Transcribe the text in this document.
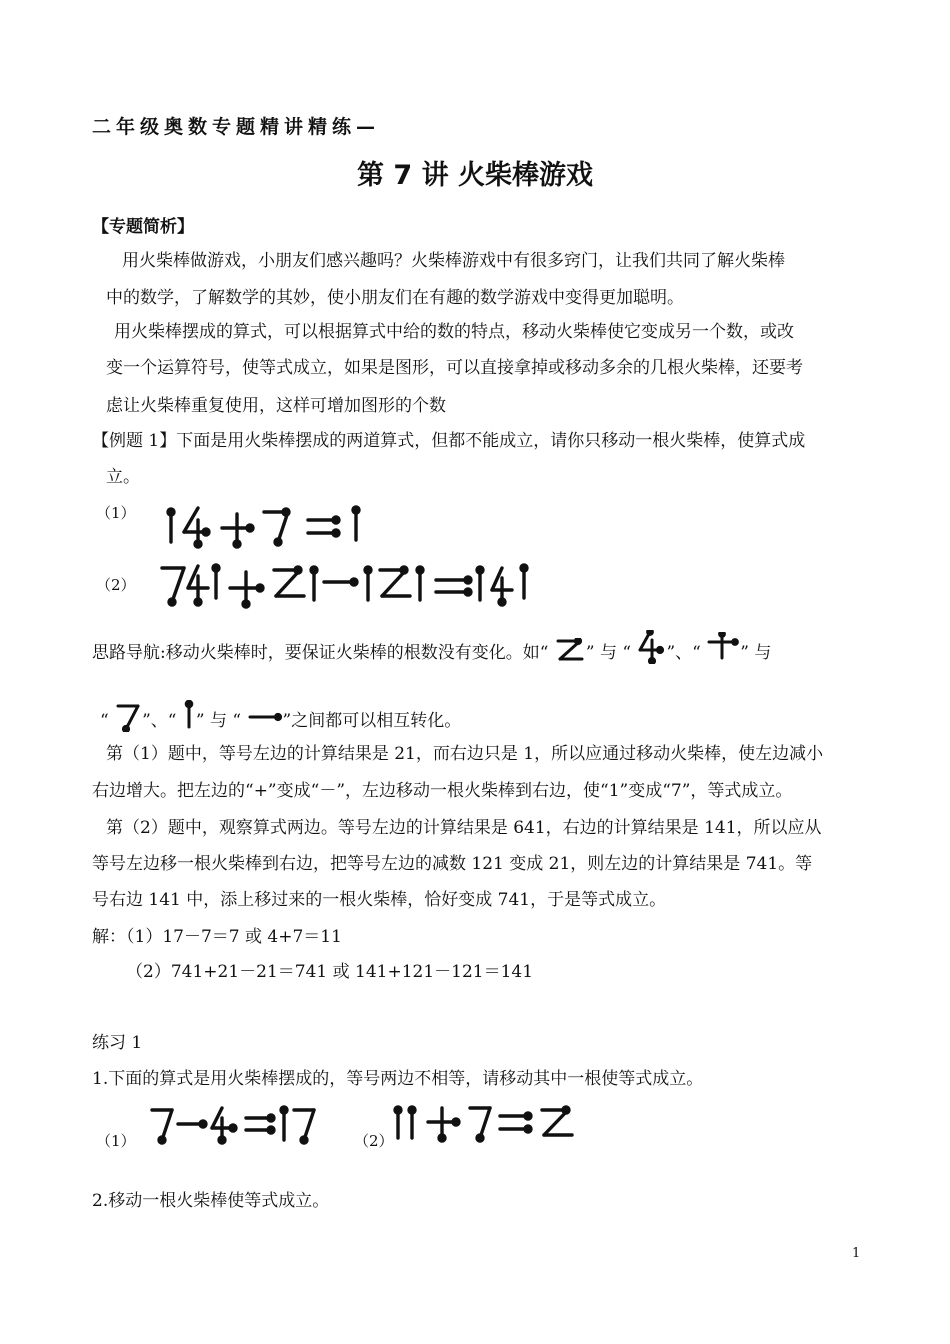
二年级奥数专题精讲精练—
第 7 讲 火柴棒游戏
【专题简析】
用火柴棒做游戏，小朋友们感兴趣吗？火柴棒游戏中有很多窍门，让我们共同了解火柴棒
中的数学，了解数学的其妙，使小朋友们在有趣的数学游戏中变得更加聪明。
用火柴棒摆成的算式，可以根据算式中给的数的特点，移动火柴棒使它变成另一个数，或改
变一个运算符号，使等式成立，如果是图形，可以直接拿掉或移动多余的几根火柴棒，还要考
虑让火柴棒重复使用，这样可增加图形的个数
【例题 1】下面是用火柴棒摆成的两道算式，但都不能成立，请你只移动一根火柴棒，使算式成
立。
（1）
（2）
思路导航:移动火柴棒时，要保证火柴棒的根数没有变化。如“ ” 与 “ ”、“ ” 与
“ ”、“ ” 与 “ ”之间都可以相互转化。
第（1）题中，等号左边的计算结果是 21，而右边只是 1，所以应通过移动火柴棒，使左边减小
右边增大。把左边的“+”变成“－”，左边移动一根火柴棒到右边，使“1”变成“7”，等式成立。
第（2）题中，观察算式两边。等号左边的计算结果是 641，右边的计算结果是 141，所以应从
等号左边移一根火柴棒到右边，把等号左边的减数 121 变成 21，则左边的计算结果是 741。等
号右边 141 中，添上移过来的一根火柴棒，恰好变成 741，于是等式成立。
解：（1）17－7＝7 或 4+7＝11
（2）741+21－21＝741 或 141+121－121＝141
练习 1
1.下面的算式是用火柴棒摆成的，等号两边不相等，请移动其中一根使等式成立。
（1）	（2）
2.移动一根火柴棒使等式成立。
1
